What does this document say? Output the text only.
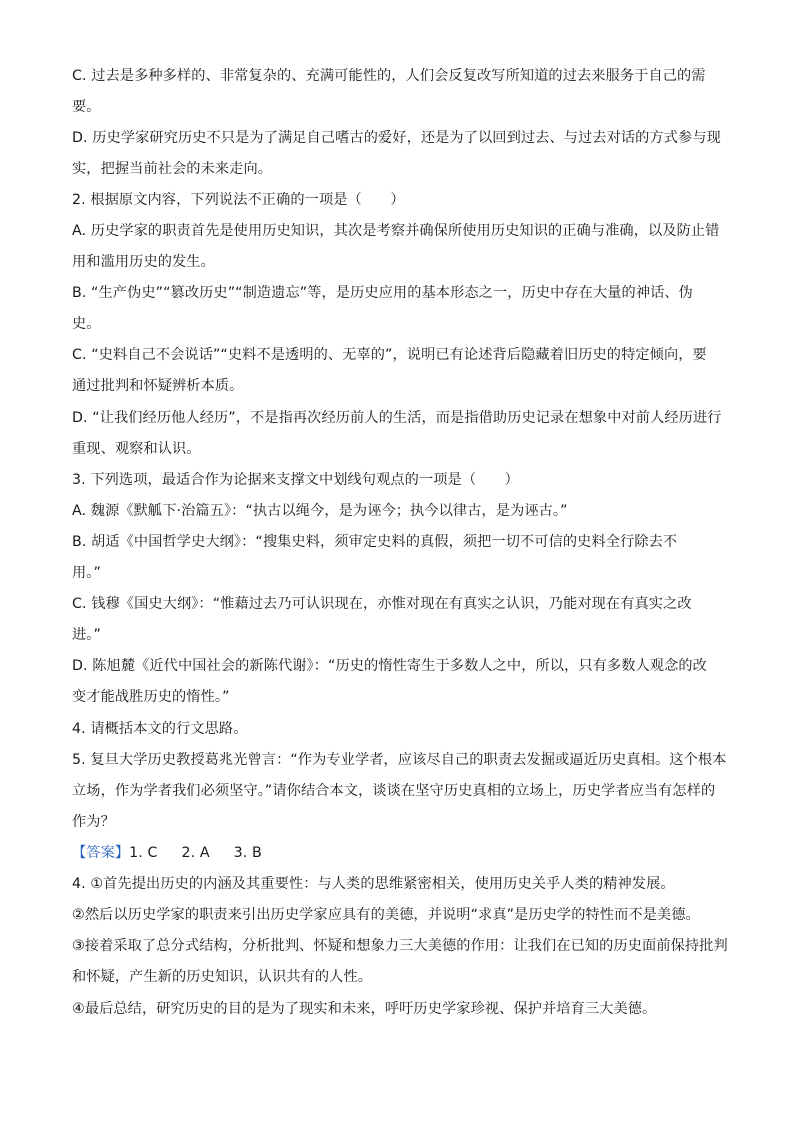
C. 过去是多种多样的、非常复杂的、充满可能性的，人们会反复改写所知道的过去来服务于自己的需
要。
D. 历史学家研究历史不只是为了满足自己嗜古的爱好，还是为了以回到过去、与过去对话的方式参与现
实，把握当前社会的未来走向。
2. 根据原文内容，下列说法不正确的一项是（　　）
A. 历史学家的职责首先是使用历史知识，其次是考察并确保所使用历史知识的正确与准确，以及防止错
用和滥用历史的发生。
B. “生产伪史”“篡改历史”“制造遗忘”等，是历史应用的基本形态之一，历史中存在大量的神话、伪
史。
C. “史料自己不会说话”“史料不是透明的、无辜的”，说明已有论述背后隐藏着旧历史的特定倾向，要
通过批判和怀疑辨析本质。
D. “让我们经历他人经历”，不是指再次经历前人的生活，而是指借助历史记录在想象中对前人经历进行
重现、观察和认识。
3. 下列选项，最适合作为论据来支撑文中划线句观点的一项是（　　）
A. 魏源《默觚下·治篇五》：“执古以绳今，是为诬今；执今以律古，是为诬古。”
B. 胡适《中国哲学史大纲》：“搜集史料，须审定史料的真假，须把一切不可信的史料全行除去不
用。”
C. 钱穆《国史大纲》：“惟藉过去乃可认识现在，亦惟对现在有真实之认识，乃能对现在有真实之改
进。”
D. 陈旭麓《近代中国社会的新陈代谢》：“历史的惰性寄生于多数人之中，所以，只有多数人观念的改
变才能战胜历史的惰性。”
4. 请概括本文的行文思路。
5. 复旦大学历史教授葛兆光曾言：“作为专业学者，应该尽自己的职责去发掘或逼近历史真相。这个根本
立场，作为学者我们必须坚守。”请你结合本文，谈谈在坚守历史真相的立场上，历史学者应当有怎样的
作为？
【答案】1. C 2. A 3. B
4. ①首先提出历史的内涵及其重要性：与人类的思维紧密相关，使用历史关乎人类的精神发展。
②然后以历史学家的职责来引出历史学家应具有的美德，并说明“求真”是历史学的特性而不是美德。
③接着采取了总分式结构，分析批判、怀疑和想象力三大美德的作用：让我们在已知的历史面前保持批判
和怀疑，产生新的历史知识，认识共有的人性。
④最后总结，研究历史的目的是为了现实和未来，呼吁历史学家珍视、保护并培育三大美德。
